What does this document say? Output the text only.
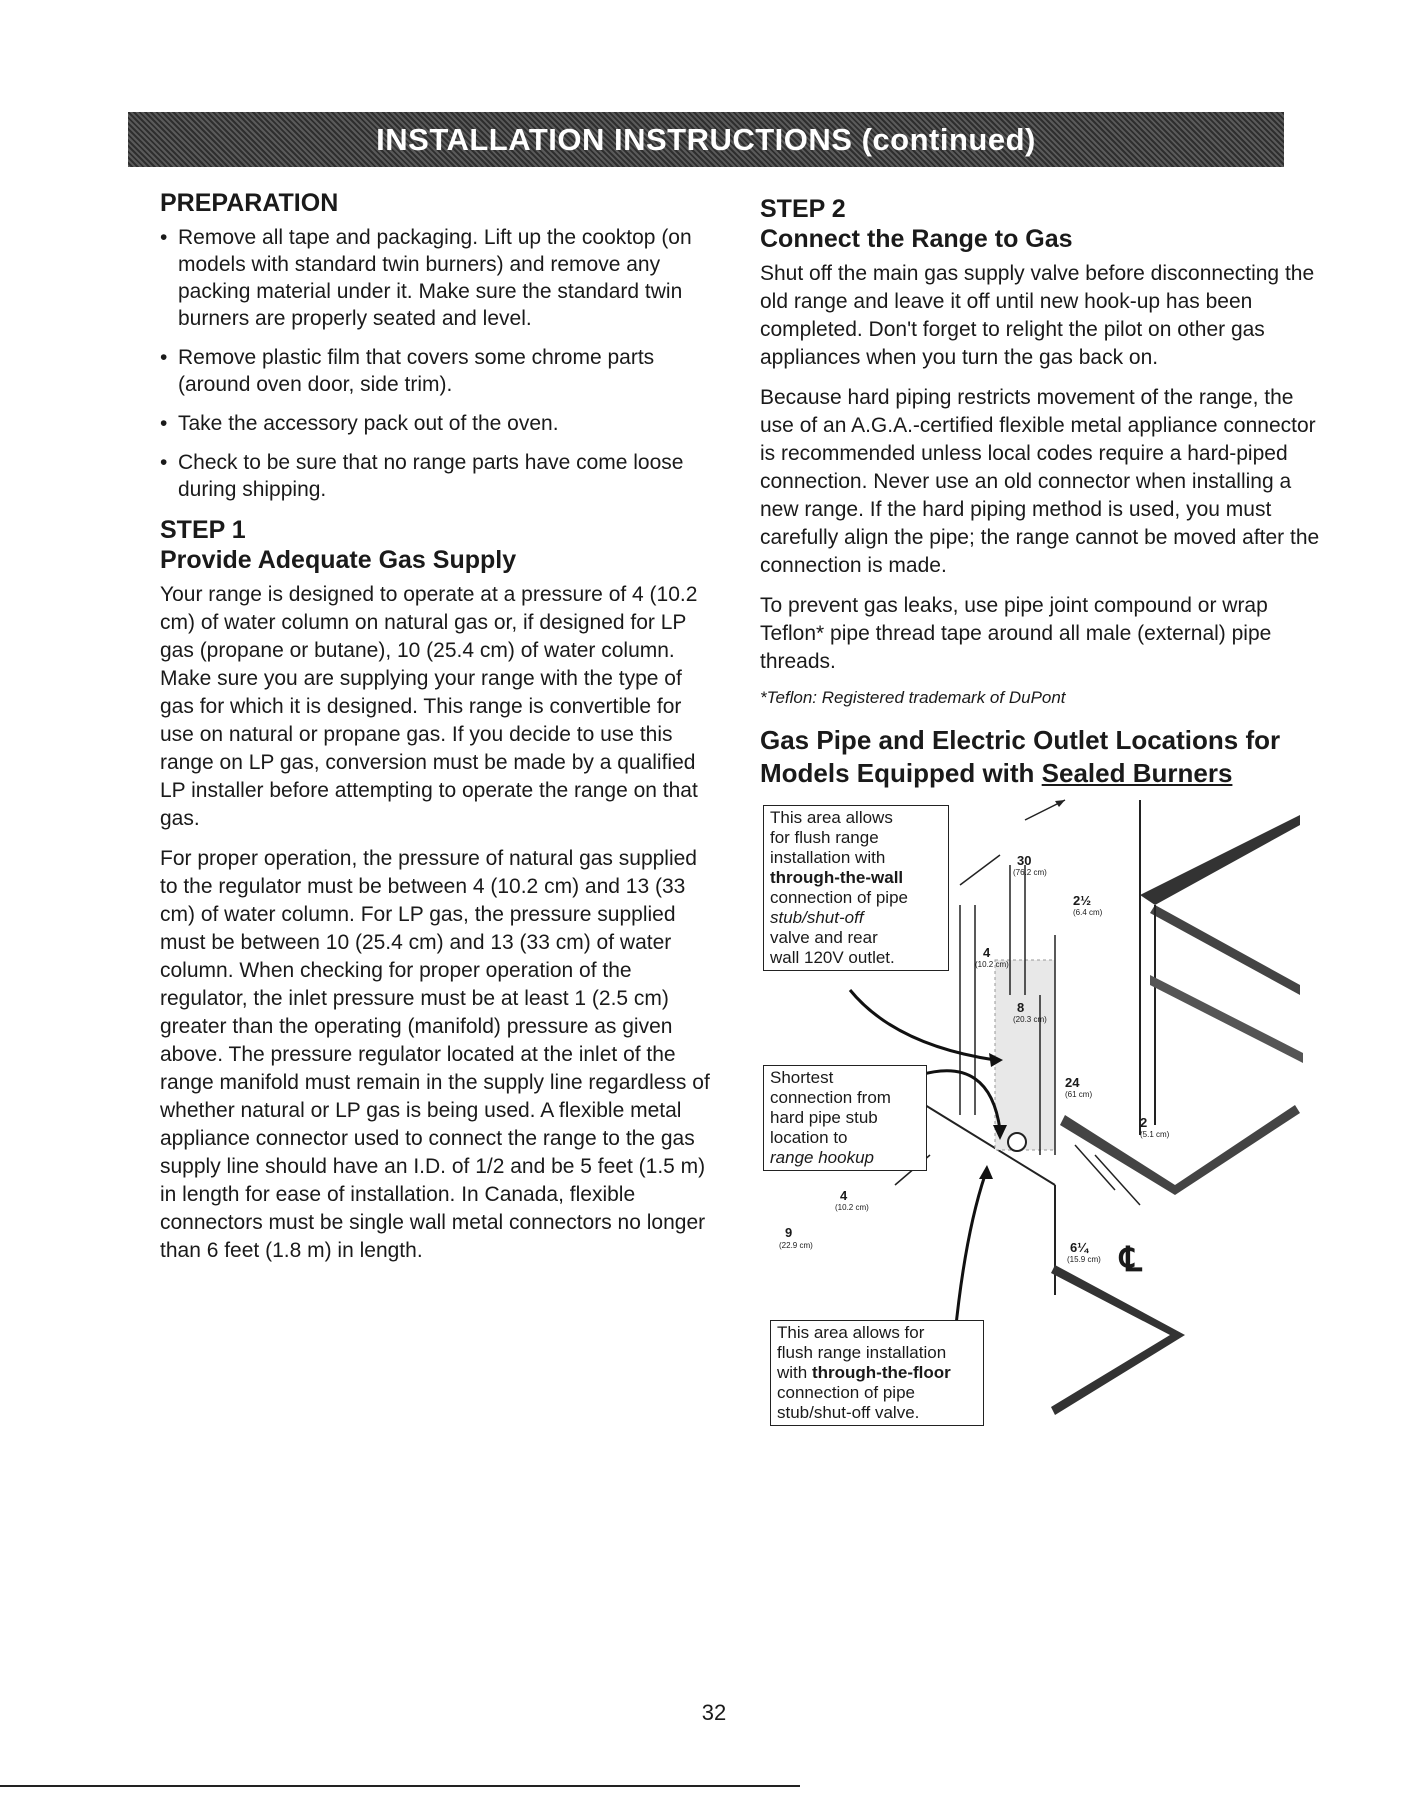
INSTALLATION INSTRUCTIONS (continued)
PREPARATION
• Remove all tape and packaging. Lift up the cooktop (on models with standard twin burners) and remove any packing material under it. Make sure the standard twin burners are properly seated and level.
• Remove plastic film that covers some chrome parts (around oven door, side trim).
• Take the accessory pack out of the oven.
• Check to be sure that no range parts have come loose during shipping.
STEP 1
Provide Adequate Gas Supply

Your range is designed to operate at a pressure of 4 (10.2 cm) of water column on natural gas or, if designed for LP gas (propane or butane), 10 (25.4 cm) of water column. Make sure you are supplying your range with the type of gas for which it is designed. This range is convertible for use on natural or propane gas. If you decide to use this range on LP gas, conversion must be made by a qualified LP installer before attempting to operate the range on that gas.

For proper operation, the pressure of natural gas supplied to the regulator must be between 4 (10.2 cm) and 13 (33 cm) of water column. For LP gas, the pressure supplied must be between 10 (25.4 cm) and 13 (33 cm) of water column. When checking for proper operation of the regulator, the inlet pressure must be at least 1 (2.5 cm) greater than the operating (manifold) pressure as given above. The pressure regulator located at the inlet of the range manifold must remain in the supply line regardless of whether natural or LP gas is being used. A flexible metal appliance connector used to connect the range to the gas supply line should have an I.D. of 1/2 and be 5 feet (1.5 m) in length for ease of installation. In Canada, flexible connectors must be single wall metal connectors no longer than 6 feet (1.8 m) in length.

STEP 2
Connect the Range to Gas

Shut off the main gas supply valve before disconnecting the old range and leave it off until new hook-up has been completed. Don't forget to relight the pilot on other gas appliances when you turn the gas back on.

Because hard piping restricts movement of the range, the use of an A.G.A.-certified flexible metal appliance connector is recommended unless local codes require a hard-piped connection. Never use an old connector when installing a new range. If the hard piping method is used, you must carefully align the pipe; the range cannot be moved after the connection is made.

To prevent gas leaks, use pipe joint compound or wrap Teflon* pipe thread tape around all male (external) pipe threads.

*Teflon: Registered trademark of DuPont

Gas Pipe and Electric Outlet Locations for
Models Equipped with Sealed Burners
This area allows
for flush range
installation with
through-the-wall
connection of pipe
stub/shut-off
valve and rear
wall 120V outlet.
Shortest
connection from
hard pipe stub
location to
range hookup
This area allows for
flush range installation
with through-the-floor
connection of pipe
stub/shut-off valve.
30
(76.2 cm)
2½
(6.4 cm)
4
(10.2 cm)
8
(20.3 cm)
24
(61 cm)
2
(5.1 cm)
4
(10.2 cm)
9
(22.9 cm)	6¼
(15.9 cm) ℄
32
